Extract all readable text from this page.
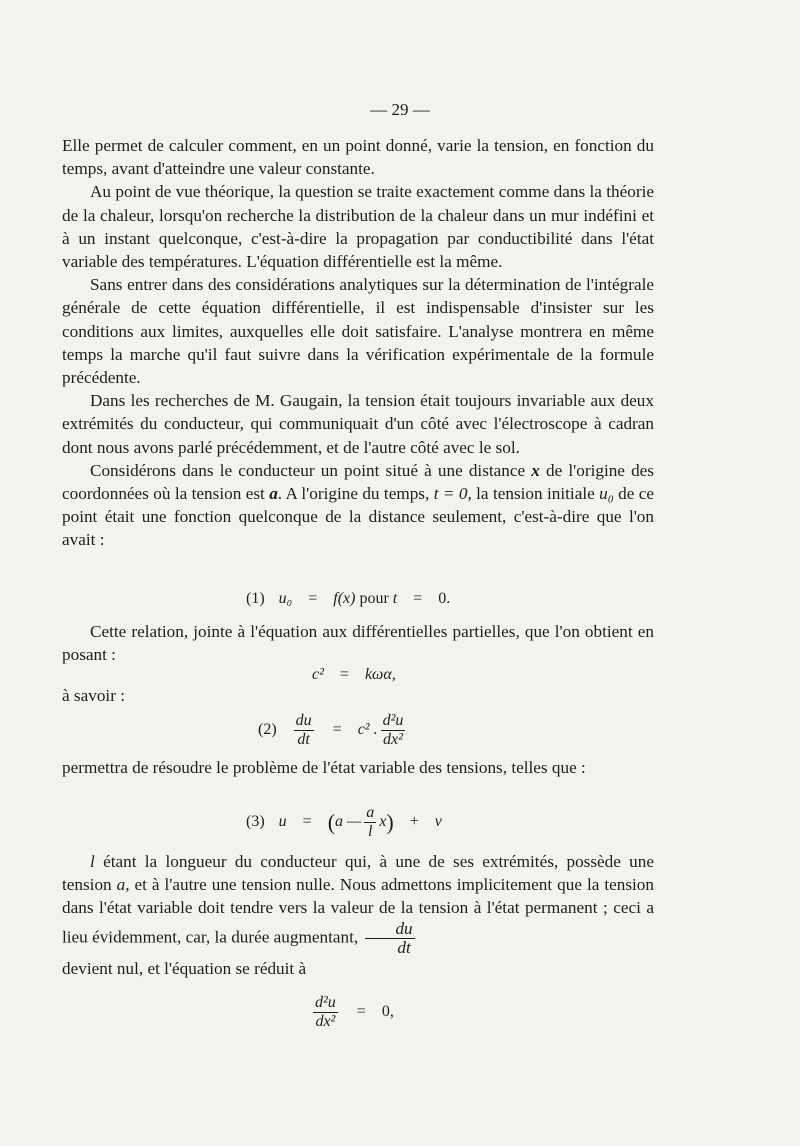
— 29 —

Elle permet de calculer comment, en un point donné, varie la tension, en fonction du temps, avant d'atteindre une valeur constante.

Au point de vue théorique, la question se traite exactement comme dans la théorie de la chaleur, lorsqu'on recherche la distribution de la chaleur dans un mur indéfini et à un instant quelconque, c'est-à-dire la propagation par conductibilité dans l'état variable des températures. L'équation différentielle est la même.

Sans entrer dans des considérations analytiques sur la détermination de l'intégrale générale de cette équation différentielle, il est indispensable d'insister sur les conditions aux limites, auxquelles elle doit satisfaire. L'analyse montrera en même temps la marche qu'il faut suivre dans la vérification expérimentale de la formule précédente.

Dans les recherches de M. Gaugain, la tension était toujours invariable aux deux extrémités du conducteur, qui communiquait d'un côté avec l'électroscope à cadran dont nous avons parlé précédemment, et de l'autre côté avec le sol.

Considérons dans le conducteur un point situé à une distance x de l'origine des coordonnées où la tension est a. A l'origine du temps, t = 0, la tension initiale u₀ de ce point était une fonction quelconque de la distance seulement, c'est-à-dire que l'on avait :

(1) u₀ = f(x) pour t = 0.

Cette relation, jointe à l'équation aux différentielles partielles, que l'on obtient en posant :

c² = kωα,

à savoir :

$(2) \frac{du}{dt} = c^2$ . $\frac{\text{d²u}}{\text{dx²}}$

permettra de résoudre le problème de l'état variable des tensions, telles que :

(3) u = (a — $\frac{a}{l} x) + v$

l étant la longueur du conducteur qui, à une de ses extrémités, possède une tension a, et à l'autre une tension nulle. Nous admettons implicitement que la tension dans l'état variable doit tendre vers la valeur de la tension à l'état permanent ; ceci a lieu évidemment, car, la durée augmentant, $\frac{du}{dt}$

devient nul, et l'équation se réduit à

$\frac{\text{d²u}}{\text{dx²}} = 0$,
